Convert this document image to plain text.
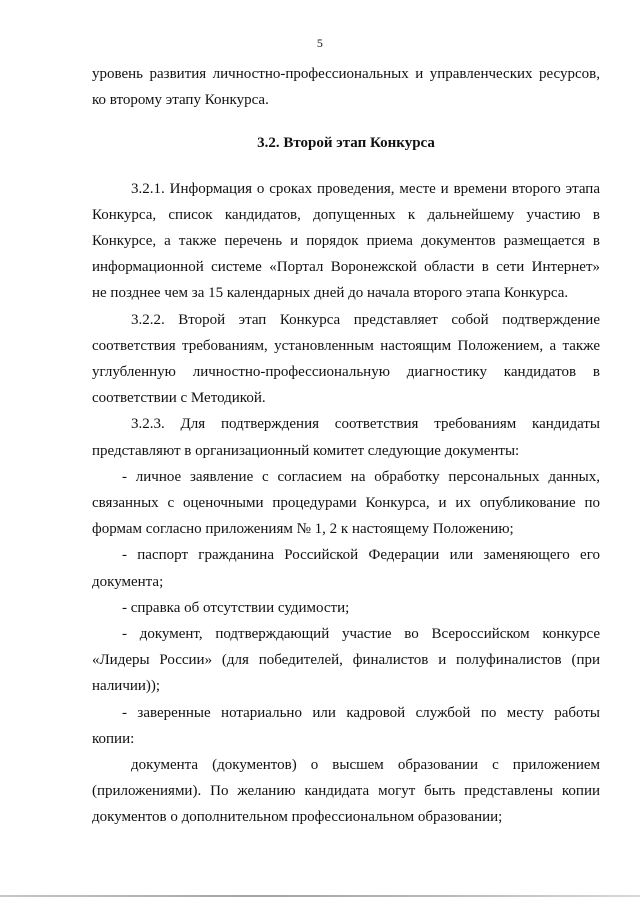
5
уровень развития личностно-профессиональных и управленческих ресурсов,
ко второму этапу Конкурса.
3.2. Второй этап Конкурса
3.2.1. Информация о сроках проведения, месте и времени второго этапа
Конкурса, список кандидатов, допущенных к дальнейшему участию в
Конкурсе, а также перечень и порядок приема документов размещается в
информационной системе «Портал Воронежской области в сети Интернет»
не позднее чем за 15 календарных дней до начала второго этапа Конкурса.
3.2.2. Второй этап Конкурса представляет собой подтверждение
соответствия требованиям, установленным настоящим Положением, а также
углубленную личностно-профессиональную диагностику кандидатов в
соответствии с Методикой.
3.2.3. Для подтверждения соответствия требованиям кандидаты
представляют в организационный комитет следующие документы:
- личное заявление с согласием на обработку персональных данных,
связанных с оценочными процедурами Конкурса, и их опубликование по
формам согласно приложениям № 1, 2 к настоящему Положению;
- паспорт гражданина Российской Федерации или заменяющего его
документа;
- справка об отсутствии судимости;
- документ, подтверждающий участие во Всероссийском конкурсе
«Лидеры России» (для победителей, финалистов и полуфиналистов (при
наличии));
- заверенные нотариально или кадровой службой по месту работы
копии:
документа (документов) о высшем образовании с приложением
(приложениями). По желанию кандидата могут быть представлены копии
документов о дополнительном профессиональном образовании;
